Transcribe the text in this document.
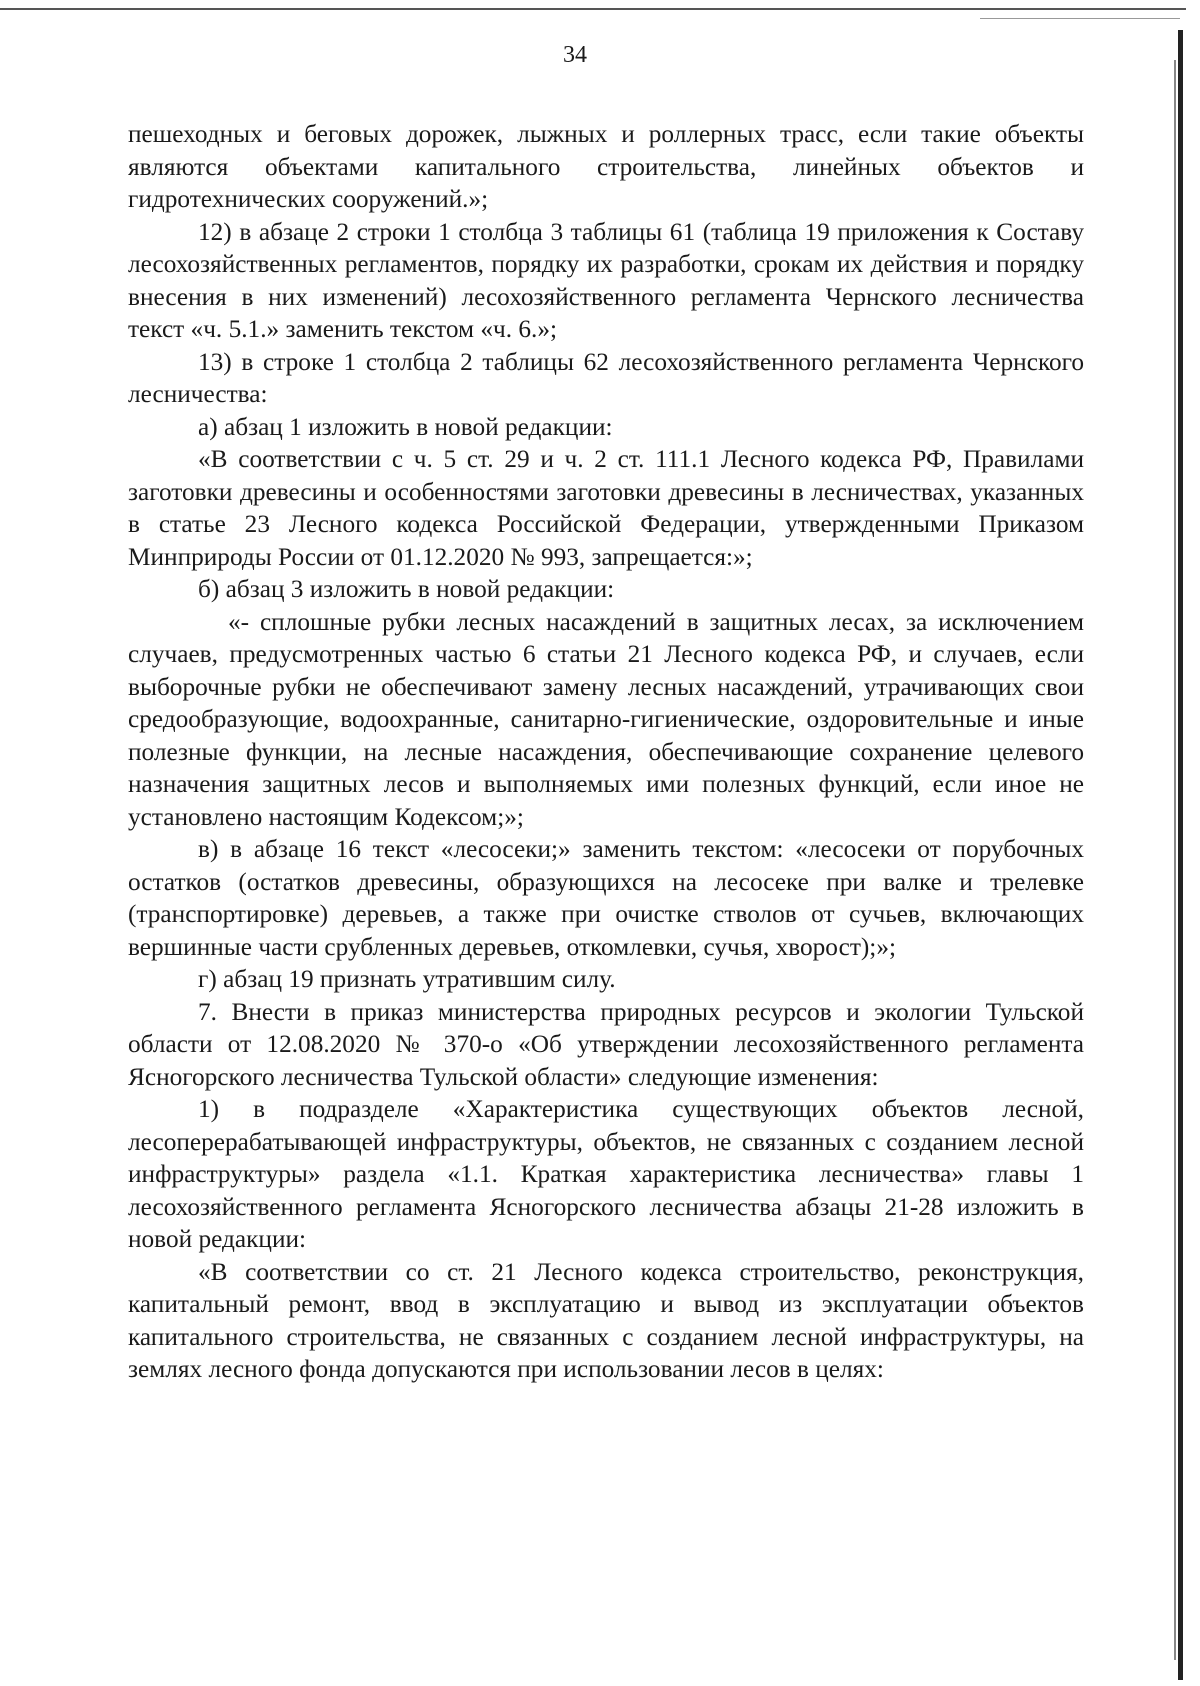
34

пешеходных и беговых дорожек, лыжных и роллерных трасс, если такие объекты являются объектами капитального строительства, линейных объектов и гидротехнических сооружений.»;

12) в абзаце 2 строки 1 столбца 3 таблицы 61 (таблица 19 приложения к Составу лесохозяйственных регламентов, порядку их разработки, срокам их действия и порядку внесения в них изменений) лесохозяйственного регламента Чернского лесничества текст «ч. 5.1.» заменить текстом «ч. 6.»;

13) в строке 1 столбца 2 таблицы 62 лесохозяйственного регламента Чернского лесничества:

а) абзац 1 изложить в новой редакции:

«В соответствии с ч. 5 ст. 29 и ч. 2 ст. 111.1 Лесного кодекса РФ, Правилами заготовки древесины и особенностями заготовки древесины в лесничествах, указанных в статье 23 Лесного кодекса Российской Федерации, утвержденными Приказом Минприроды России от 01.12.2020 № 993, запрещается:»;

б) абзац 3 изложить в новой редакции:

«- сплошные рубки лесных насаждений в защитных лесах, за исключением случаев, предусмотренных частью 6 статьи 21 Лесного кодекса РФ, и случаев, если выборочные рубки не обеспечивают замену лесных насаждений, утрачивающих свои средообразующие, водоохранные, санитарно-гигиенические, оздоровительные и иные полезные функции, на лесные насаждения, обеспечивающие сохранение целевого назначения защитных лесов и выполняемых ими полезных функций, если иное не установлено настоящим Кодексом;»;

в) в абзаце 16 текст «лесосеки;» заменить текстом: «лесосеки от порубочных остатков (остатков древесины, образующихся на лесосеке при валке и трелевке (транспортировке) деревьев, а также при очистке стволов от сучьев, включающих вершинные части срубленных деревьев, откомлевки, сучья, хворост);»;

г) абзац 19 признать утратившим силу.

7. Внести в приказ министерства природных ресурсов и экологии Тульской области от 12.08.2020 № 370-о «Об утверждении лесохозяйственного регламента Ясногорского лесничества Тульской области» следующие изменения:

1) в подразделе «Характеристика существующих объектов лесной, лесоперерабатывающей инфраструктуры, объектов, не связанных с созданием лесной инфраструктуры» раздела «1.1. Краткая характеристика лесничества» главы 1 лесохозяйственного регламента Ясногорского лесничества абзацы 21-28 изложить в новой редакции:

«В соответствии со ст. 21 Лесного кодекса строительство, реконструкция, капитальный ремонт, ввод в эксплуатацию и вывод из эксплуатации объектов капитального строительства, не связанных с созданием лесной инфраструктуры, на землях лесного фонда допускаются при использовании лесов в целях:
